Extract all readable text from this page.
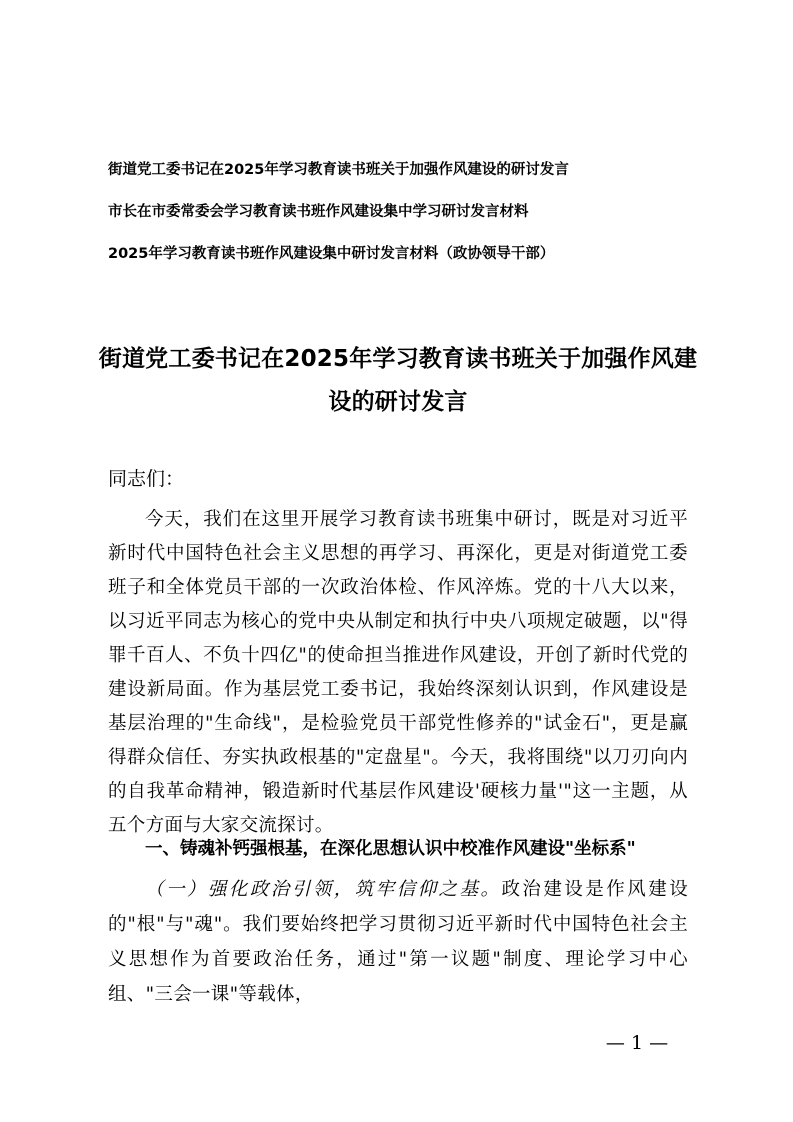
街道党工委书记在2025年学习教育读书班关于加强作风建设的研讨发言
市长在市委常委会学习教育读书班作风建设集中学习研讨发言材料
2025年学习教育读书班作风建设集中研讨发言材料（政协领导干部）
街道党工委书记在2025年学习教育读书班关于加强作风建设的研讨发言
同志们：
今天，我们在这里开展学习教育读书班集中研讨，既是对习近平新时代中国特色社会主义思想的再学习、再深化，更是对街道党工委班子和全体党员干部的一次政治体检、作风淬炼。党的十八大以来，以习近平同志为核心的党中央从制定和执行中央八项规定破题，以"得罪千百人、不负十四亿"的使命担当推进作风建设，开创了新时代党的建设新局面。作为基层党工委书记，我始终深刻认识到，作风建设是基层治理的"生命线"，是检验党员干部党性修养的"试金石"，更是赢得群众信任、夯实执政根基的"定盘星"。今天，我将围绕"以刀刃向内的自我革命精神，锻造新时代基层作风建设'硬核力量'"这一主题，从五个方面与大家交流探讨。
一、铸魂补钙强根基，在深化思想认识中校准作风建设"坐标系"
（一）强化政治引领，筑牢信仰之基。政治建设是作风建设的"根"与"魂"。我们要始终把学习贯彻习近平新时代中国特色社会主义思想作为首要政治任务，通过"第一议题"制度、理论学习中心组、"三会一课"等载体，
— 1 —
